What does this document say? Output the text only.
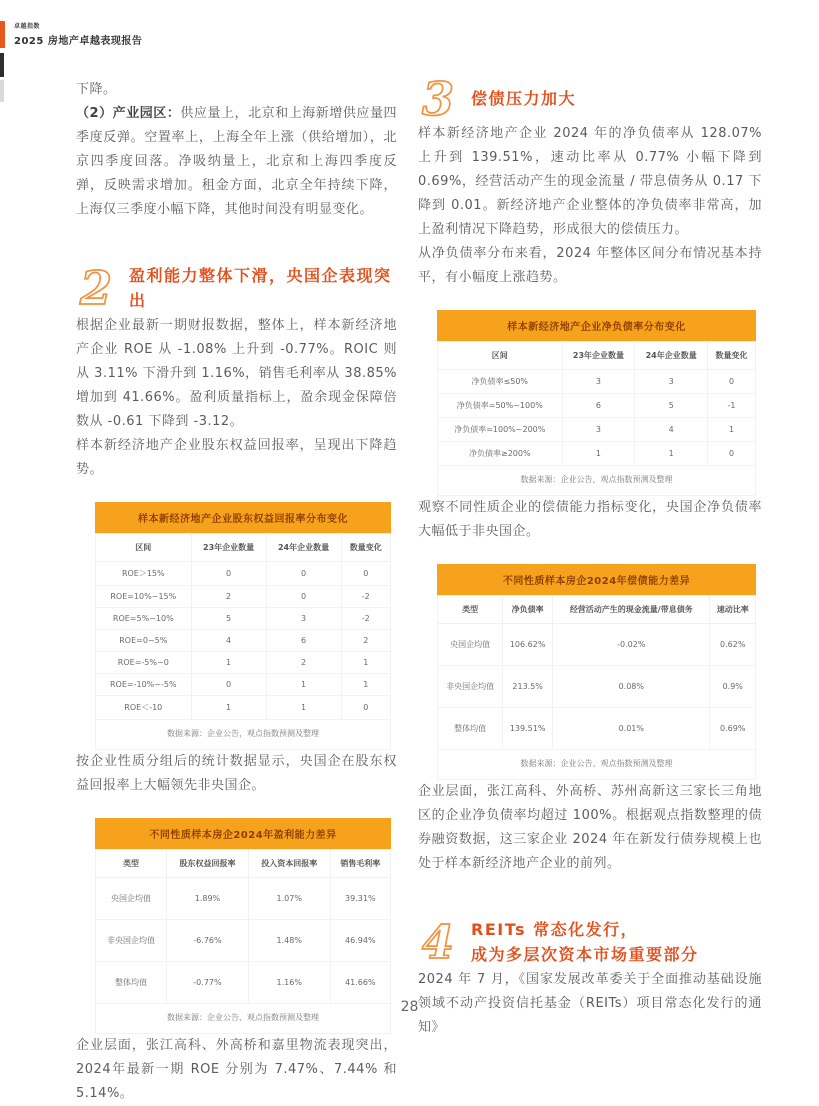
卓越指数
2025 房地产卓越表现报告

下降。

（2）产业园区：供应量上，北京和上海新增供应量四季度反弹。空置率上，上海全年上涨（供给增加），北京四季度回落。净吸纳量上，北京和上海四季度反弹，反映需求增加。租金方面，北京全年持续下降，上海仅三季度小幅下降，其他时间没有明显变化。

2 盈利能力整体下滑，央国企表现突出

根据企业最新一期财报数据，整体上，样本新经济地产企业 ROE 从 -1.08% 上升到 -0.77%。ROIC 则从 3.11% 下滑升到 1.16%，销售毛利率从 38.85% 增加到 41.66%。盈利质量指标上，盈余现金保障倍数从 -0.61 下降到 -3.12。

样本新经济地产企业股东权益回报率，呈现出下降趋势。

样本新经济地产企业股东权益回报率分布变化
区间	23年企业数量	24年企业数量	数量变化
ROE＞15%	0	0	0
ROE=10%~15%	2	0	-2
ROE=5%~10%	5	3	-2
ROE=0~5%	4	6	2
ROE=-5%~0	1	2	1
ROE=-10%~-5%	0	1	1
ROE＜-10	1	1	0
数据来源：企业公告，观点指数预测及整理

按企业性质分组后的统计数据显示，央国企在股东权益回报率上大幅领先非央国企。

不同性质样本房企2024年盈利能力差异
类型	股东权益回报率	投入资本回报率	销售毛利率
央国企均值	1.89%	1.07%	39.31%
非央国企均值	-6.76%	1.48%	46.94%
整体均值	-0.77%	1.16%	41.66%
数据来源：企业公告、观点指数预测及整理

企业层面，张江高科、外高桥和嘉里物流表现突出，2024年最新一期 ROE 分别为 7.47%、7.44% 和 5.14%。

3 偿债压力加大

样本新经济地产企业 2024 年的净负债率从 128.07% 上升到 139.51%，速动比率从 0.77% 小幅下降到 0.69%，经营活动产生的现金流量 / 带息债务从 0.17 下降到 0.01。新经济地产企业整体的净负债率非常高，加上盈利情况下降趋势，形成很大的偿债压力。

从净负债率分布来看，2024 年整体区间分布情况基本持平，有小幅度上涨趋势。

样本新经济地产企业净负债率分布变化
区间	23年企业数量	24年企业数量	数量变化
净负债率≤50%	3	3	0
净负债率=50%~100%	6	5	-1
净负债率=100%~200%	3	4	1
净负债率≥200%	1	1	0
数据来源：企业公告，观点指数预测及整理

观察不同性质企业的偿债能力指标变化，央国企净负债率大幅低于非央国企。

不同性质样本房企2024年偿债能力差异
类型	净负债率	经营活动产生的现金流量/带息债务	速动比率
央国企均值	106.62%	-0.02%	0.62%
非央国企均值	213.5%	0.08%	0.9%
整体均值	139.51%	0.01%	0.69%
数据来源：企业公告、观点指数预测及整理

企业层面，张江高科、外高桥、苏州高新这三家长三角地区的企业净负债率均超过 100%。根据观点指数整理的债券融资数据，这三家企业 2024 年在新发行债券规模上也处于样本新经济地产企业的前列。

4 REITs 常态化发行，
成为多层次资本市场重要部分

2024 年 7 月，《国家发展改革委关于全面推动基础设施领域不动产投资信托基金（REITs）项目常态化发行的通知》

28
